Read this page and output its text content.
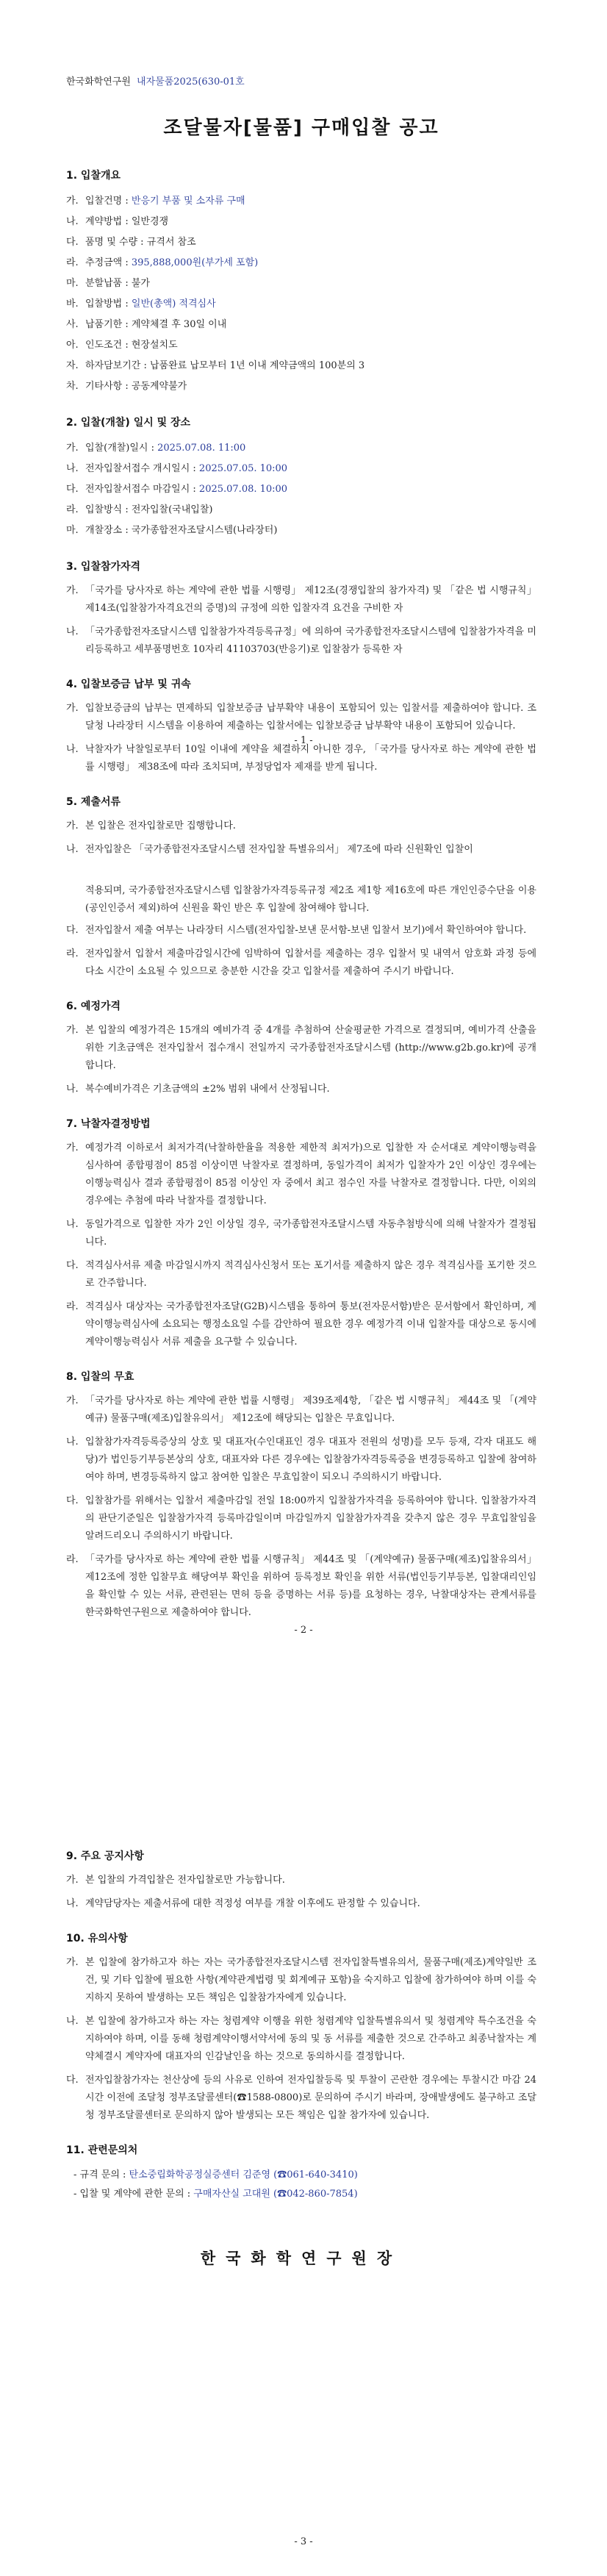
한국화학연구원 내자물품2025(630-01호
조달물자[물품] 구매입찰 공고
1. 입찰개요
가. 입찰건명 : 반응기 부품 및 소자류 구매
나. 계약방법 : 일반경쟁
다. 품명 및 수량 : 규격서 참조
라. 추정금액 : 395,888,000원(부가세 포함)
마. 분할납품 : 불가
바. 입찰방법 : 일반(총액) 적격심사
사. 납품기한 : 계약체결 후 30일 이내
아. 인도조건 : 현장설치도
자. 하자담보기간 : 납품완료 납모부터 1년 이내 계약금액의 100분의 3
차. 기타사항 : 공동계약불가
2. 입찰(개찰) 일시 및 장소
가. 입찰(개찰)일시 : 2025.07.08. 11:00
나. 전자입찰서접수 개시일시 : 2025.07.05. 10:00
다. 전자입찰서접수 마감일시 : 2025.07.08. 10:00
라. 입찰방식 : 전자입찰(국내입찰)
마. 개찰장소 : 국가종합전자조달시스템(나라장터)
3. 입찰참가자격
가. 「국가를 당사자로 하는 계약에 관한 법률 시행령」 제12조(경쟁입찰의 참가자격) 및 「같은 법 시행규칙」 제14조(입찰참가자격요건의 증명)의 규정에 의한 입찰자격 요건을 구비한 자
나. 「국가종합전자조달시스템 입찰참가자격등록규정」에 의하여 국가종합전자조달시스템에 입찰참가자격을 미리등록하고 세부품명번호 10자리 41103703(반응기)로 입찰참가 등록한 자
4. 입찰보증금 납부 및 귀속
가. 입찰보증금의 납부는 면제하되 입찰보증금 납부확약 내용이 포함되어 있는 입찰서를 제출하여야 합니다. 조달청 나라장터 시스템을 이용하여 제출하는 입찰서에는 입찰보증금 납부확약 내용이 포함되어 있습니다.
나. 낙찰자가 낙찰일로부터 10일 이내에 계약을 체결하지 아니한 경우, 「국가를 당사자로 하는 계약에 관한 법률 시행령」 제38조에 따라 조치되며, 부정당업자 제재를 받게 됩니다.
5. 제출서류
가. 본 입찰은 전자입찰로만 집행합니다.
나. 전자입찰은 「국가종합전자조달시스템 전자입찰 특별유의서」 제7조에 따라 신원확인 입찰이
- 1 -
적용되며, 국가종합전자조달시스템 입찰참가자격등록규정 제2조 제1항 제16호에 따른 개인인증수단을 이용(공인인증서 제외)하여 신원을 확인 받은 후 입찰에 참여해야 합니다.
다. 전자입찰서 제출 여부는 나라장터 시스템(전자입찰-보낸 문서함-보낸 입찰서 보기)에서 확인하여야 합니다.
라. 전자입찰서 입찰서 제출마감일시간에 임박하여 입찰서를 제출하는 경우 입찰서 및 내역서 암호화 과정 등에 다소 시간이 소요될 수 있으므로 충분한 시간을 갖고 입찰서를 제출하여 주시기 바랍니다.
6. 예정가격
가. 본 입찰의 예정가격은 15개의 예비가격 중 4개를 추첨하여 산술평균한 가격으로 결정되며, 예비가격 산출을 위한 기초금액은 전자입찰서 접수개시 전일까지 국가종합전자조달시스템 (http://www.g2b.go.kr)에 공개합니다.
나. 복수예비가격은 기초금액의 ±2% 범위 내에서 산정됩니다.
7. 낙찰자결정방법
가. 예정가격 이하로서 최저가격(낙찰하한율을 적용한 제한적 최저가)으로 입찰한 자 순서대로 계약이행능력을 심사하여 종합평점이 85점 이상이면 낙찰자로 결정하며, 동일가격이 최저가 입찰자가 2인 이상인 경우에는 이행능력심사 결과 종합평점이 85점 이상인 자 중에서 최고 점수인 자를 낙찰자로 결정합니다. 다만, 이외의 경우에는 추첨에 따라 낙찰자를 결정합니다.
나. 동일가격으로 입찰한 자가 2인 이상일 경우, 국가종합전자조달시스템 자동추첨방식에 의해 낙찰자가 결정됩니다.
다. 적격심사서류 제출 마감일시까지 적격심사신청서 또는 포기서를 제출하지 않은 경우 적격심사를 포기한 것으로 간주합니다.
라. 적격심사 대상자는 국가종합전자조달(G2B)시스템을 통하여 통보(전자문서함)받은 문서함에서 확인하며, 계약이행능력심사에 소요되는 행정소요일 수를 감안하여 필요한 경우 예정가격 이내 입찰자를 대상으로 동시에 계약이행능력심사 서류 제출을 요구할 수 있습니다.
8. 입찰의 무효
가. 「국가를 당사자로 하는 계약에 관한 법률 시행령」 제39조제4항, 「같은 법 시행규칙」 제44조 및 「(계약예규) 물품구매(제조)입찰유의서」 제12조에 해당되는 입찰은 무효입니다.
나. 입찰참가자격등록증상의 상호 및 대표자(수인대표인 경우 대표자 전원의 성명)를 모두 등재, 각자 대표도 해당)가 법인등기부등본상의 상호, 대표자와 다른 경우에는 입찰참가자격등록증을 변경등록하고 입찰에 참여하여야 하며, 변경등록하지 않고 참여한 입찰은 무효입찰이 되오니 주의하시기 바랍니다.
다. 입찰참가를 위해서는 입찰서 제출마감일 전일 18:00까지 입찰참가자격을 등록하여야 합니다. 입찰참가자격의 판단기준일은 입찰참가자격 등록마감일이며 마감일까지 입찰참가자격을 갖추지 않은 경우 무효입찰임을 알려드리오니 주의하시기 바랍니다.
라. 「국가를 당사자로 하는 계약에 관한 법률 시행규칙」 제44조 및 「(계약예규) 물품구매(제조)입찰유의서」 제12조에 정한 입찰무효 해당여부 확인을 위하여 등록정보 확인을 위한 서류(법인등기부등본, 입찰대리인임을 확인할 수 있는 서류, 관련된는 면허 등을 증명하는 서류 등)를 요청하는 경우, 낙찰대상자는 관계서류를 한국화학연구원으로 제출하여야 합니다.
- 2 -
9. 주요 공지사항
가. 본 입찰의 가격입찰은 전자입찰로만 가능합니다.
나. 계약담당자는 제출서류에 대한 적정성 여부를 개찰 이후에도 판정할 수 있습니다.
10. 유의사항
가. 본 입찰에 참가하고자 하는 자는 국가종합전자조달시스템 전자입찰특별유의서, 물품구매(제조)계약일반 조건, 및 기타 입찰에 필요한 사항(계약관계법령 및 회계예규 포함)을 숙지하고 입찰에 참가하여야 하며 이를 숙지하지 못하여 발생하는 모든 책임은 입찰참가자에게 있습니다.
나. 본 입찰에 참가하고자 하는 자는 청렴계약 이행을 위한 청렴계약 입찰특별유의서 및 청렴계약 특수조건을 숙지하여야 하며, 이를 동해 청렴계약이행서약서에 동의 및 동 서류를 제출한 것으로 간주하고 최종낙찰자는 계약체결시 계약자에 대표자의 인감날인을 하는 것으로 동의하시를 결정합니다.
다. 전자입찰참가자는 천산상에 등의 사유로 인하여 전자입찰등록 및 투찰이 곤란한 경우에는 투찰시간 마감 24시간 이전에 조달청 정부조달콜센터(☎1588-0800)로 문의하여 주시기 바라며, 장애발생에도 불구하고 조달청 정부조달콜센터로 문의하지 않아 발생되는 모든 책임은 입찰 참가자에 있습니다.
11. 관련문의처
- 규격 문의 : 탄소중립화학공정실증센터 김준영 (☎061-640-3410)
- 입찰 및 계약에 관한 문의 : 구매자산실 고대원 (☎042-860-7854)
한국화학연구원장
- 3 -
